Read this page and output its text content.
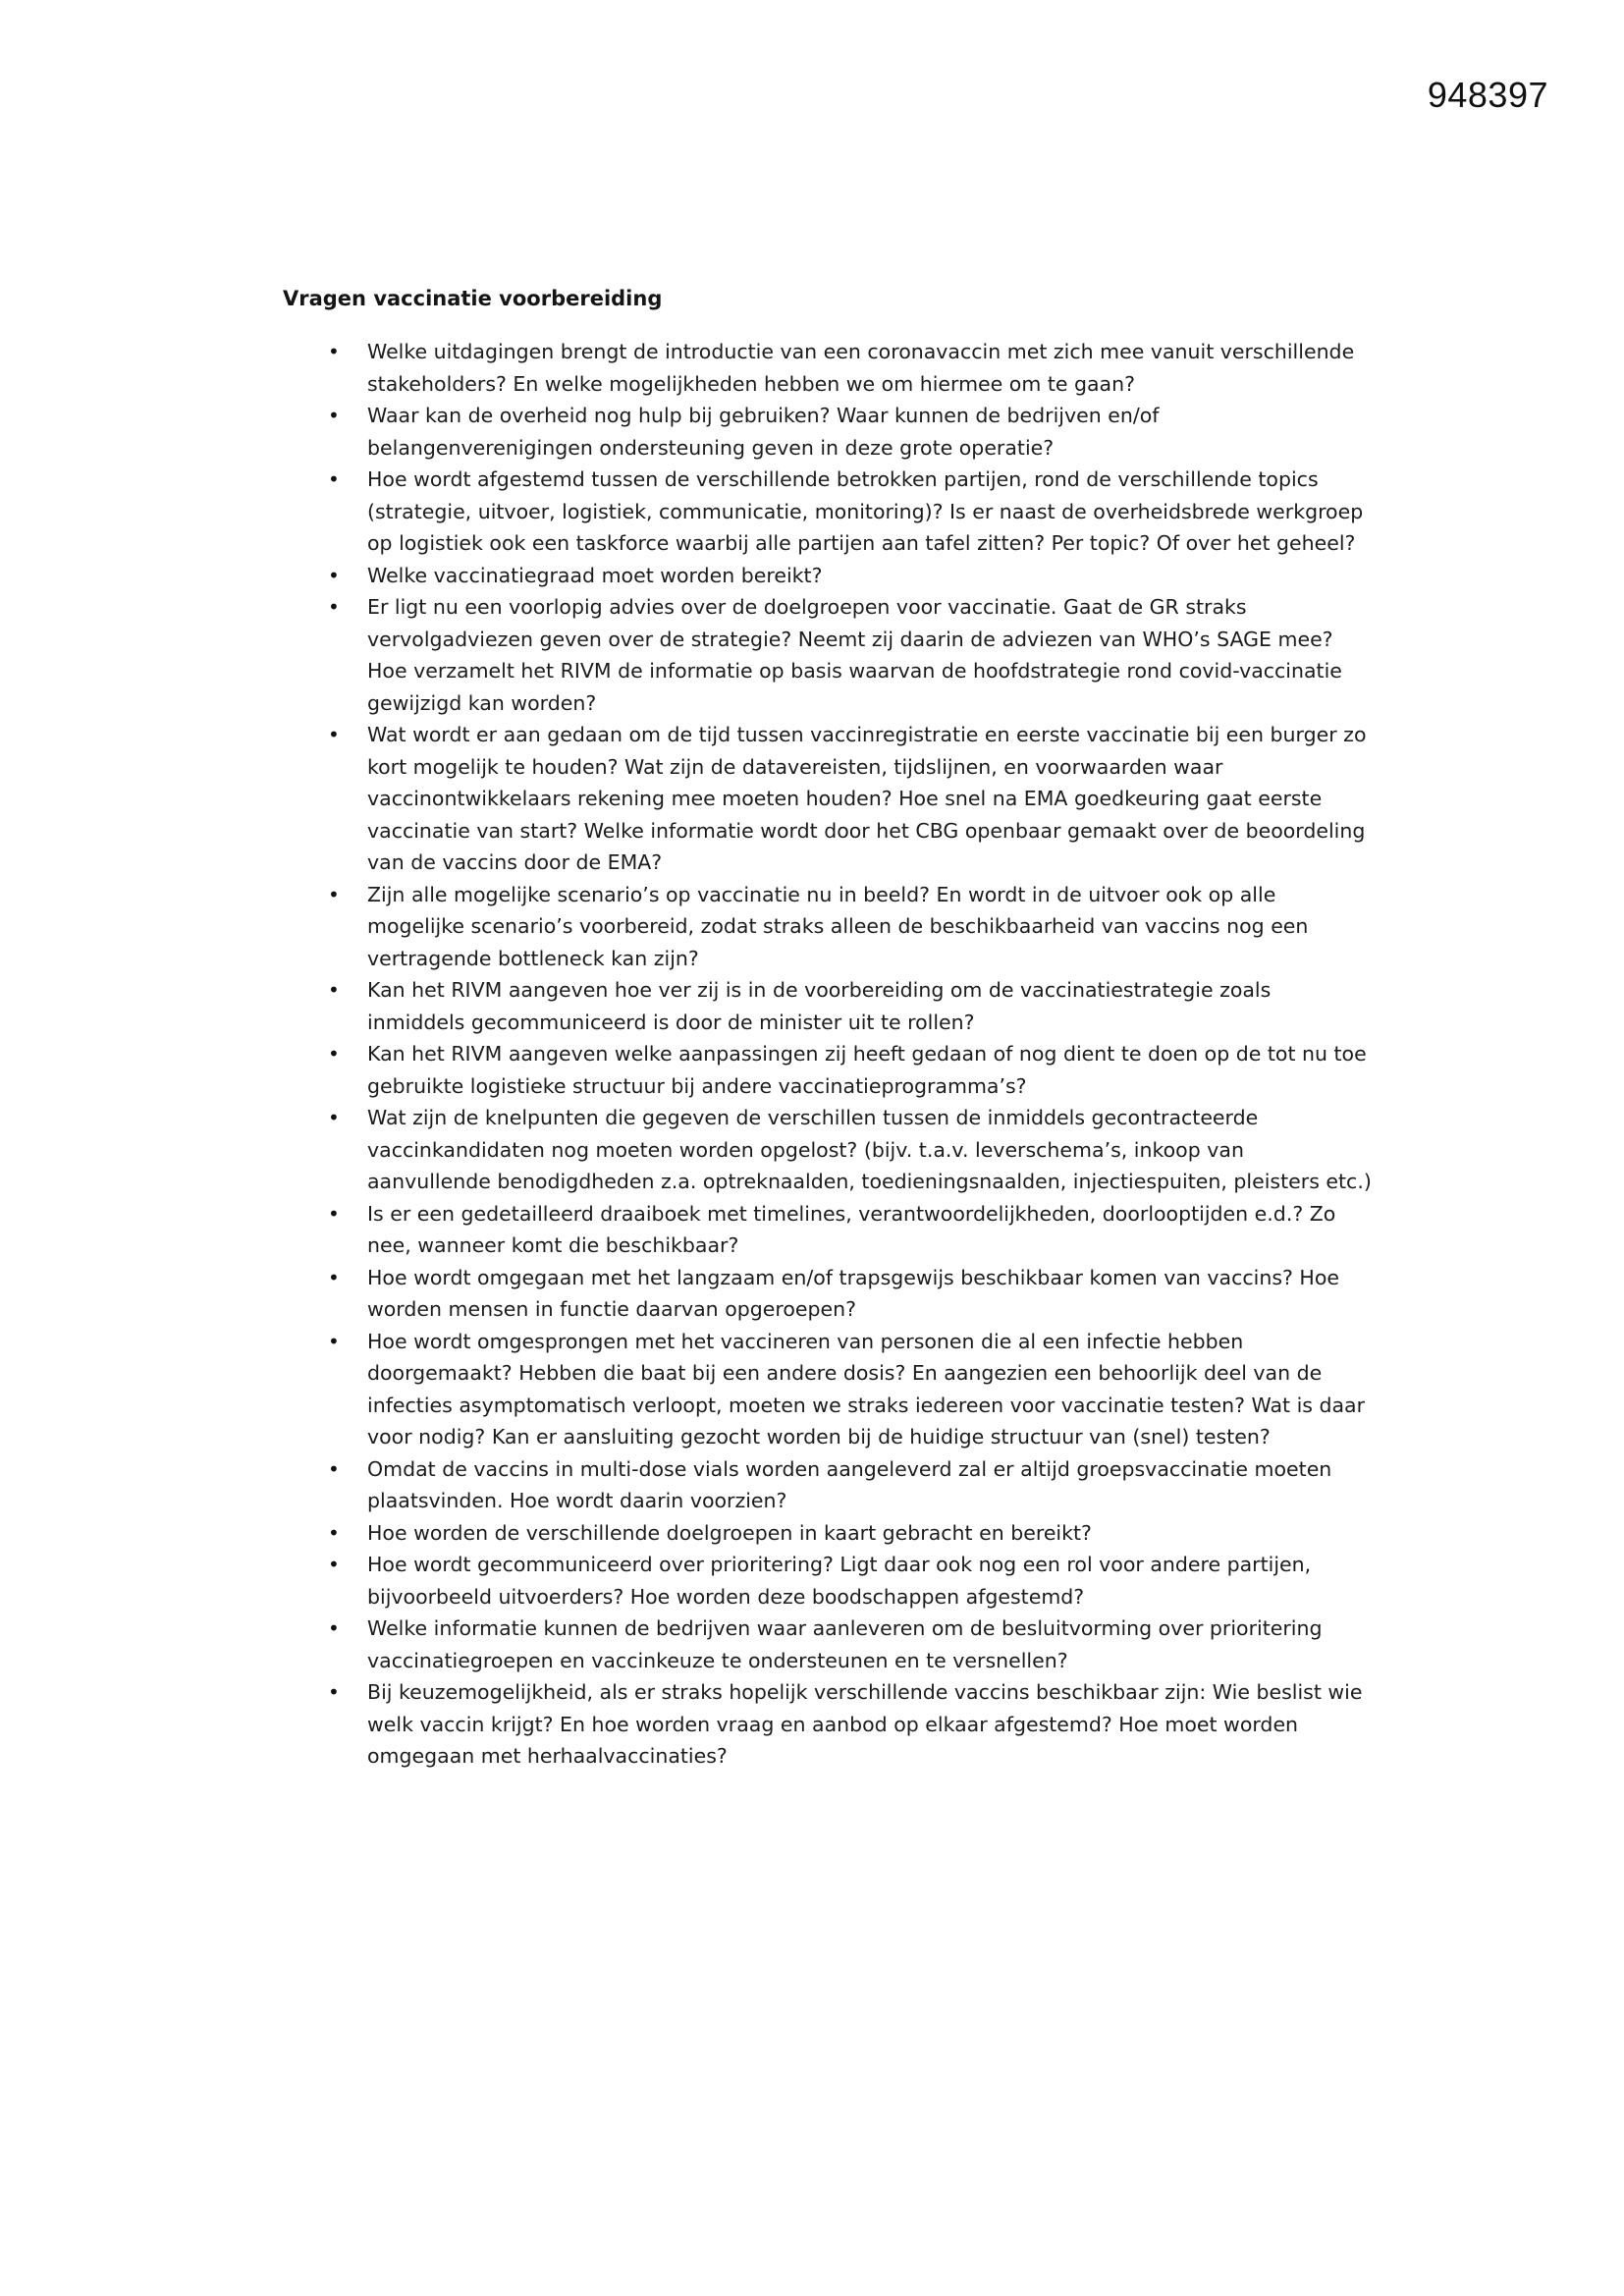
948397
Vragen vaccinatie voorbereiding
• Welke uitdagingen brengt de introductie van een coronavaccin met zich mee vanuit verschillende stakeholders? En welke mogelijkheden hebben we om hiermee om te gaan?
• Waar kan de overheid nog hulp bij gebruiken? Waar kunnen de bedrijven en/of belangenverenigingen ondersteuning geven in deze grote operatie?
• Hoe wordt afgestemd tussen de verschillende betrokken partijen, rond de verschillende topics (strategie, uitvoer, logistiek, communicatie, monitoring)? Is er naast de overheidsbrede werkgroep op logistiek ook een taskforce waarbij alle partijen aan tafel zitten? Per topic? Of over het geheel?
• Welke vaccinatiegraad moet worden bereikt?
• Er ligt nu een voorlopig advies over de doelgroepen voor vaccinatie. Gaat de GR straks vervolgadviezen geven over de strategie? Neemt zij daarin de adviezen van WHO’s SAGE mee? Hoe verzamelt het RIVM de informatie op basis waarvan de hoofdstrategie rond covid-vaccinatie gewijzigd kan worden?
• Wat wordt er aan gedaan om de tijd tussen vaccinregistratie en eerste vaccinatie bij een burger zo kort mogelijk te houden? Wat zijn de datavereisten, tijdslijnen, en voorwaarden waar vaccinontwikkelaars rekening mee moeten houden? Hoe snel na EMA goedkeuring gaat eerste vaccinatie van start? Welke informatie wordt door het CBG openbaar gemaakt over de beoordeling van de vaccins door de EMA?
• Zijn alle mogelijke scenario’s op vaccinatie nu in beeld? En wordt in de uitvoer ook op alle mogelijke scenario’s voorbereid, zodat straks alleen de beschikbaarheid van vaccins nog een vertragende bottleneck kan zijn?
• Kan het RIVM aangeven hoe ver zij is in de voorbereiding om de vaccinatiestrategie zoals inmiddels gecommuniceerd is door de minister uit te rollen?
• Kan het RIVM aangeven welke aanpassingen zij heeft gedaan of nog dient te doen op de tot nu toe gebruikte logistieke structuur bij andere vaccinatieprogramma’s?
• Wat zijn de knelpunten die gegeven de verschillen tussen de inmiddels gecontracteerde vaccinkandidaten nog moeten worden opgelost? (bijv. t.a.v. leverschema’s, inkoop van aanvullende benodigdheden z.a. optreknaalden, toedieningsnaalden, injectiespuiten, pleisters etc.)
• Is er een gedetailleerd draaiboek met timelines, verantwoordelijkheden, doorlooptijden e.d.? Zo nee, wanneer komt die beschikbaar?
• Hoe wordt omgegaan met het langzaam en/of trapsgewijs beschikbaar komen van vaccins? Hoe worden mensen in functie daarvan opgeroepen?
• Hoe wordt omgesprongen met het vaccineren van personen die al een infectie hebben doorgemaakt? Hebben die baat bij een andere dosis? En aangezien een behoorlijk deel van de infecties asymptomatisch verloopt, moeten we straks iedereen voor vaccinatie testen? Wat is daar voor nodig? Kan er aansluiting gezocht worden bij de huidige structuur van (snel) testen?
• Omdat de vaccins in multi-dose vials worden aangeleverd zal er altijd groepsvaccinatie moeten plaatsvinden. Hoe wordt daarin voorzien?
• Hoe worden de verschillende doelgroepen in kaart gebracht en bereikt?
• Hoe wordt gecommuniceerd over prioritering? Ligt daar ook nog een rol voor andere partijen, bijvoorbeeld uitvoerders? Hoe worden deze boodschappen afgestemd?
• Welke informatie kunnen de bedrijven waar aanleveren om de besluitvorming over prioritering vaccinatiegroepen en vaccinkeuze te ondersteunen en te versnellen?
• Bij keuzemogelijkheid, als er straks hopelijk verschillende vaccins beschikbaar zijn: Wie beslist wie welk vaccin krijgt? En hoe worden vraag en aanbod op elkaar afgestemd? Hoe moet worden omgegaan met herhaalvaccinaties?
